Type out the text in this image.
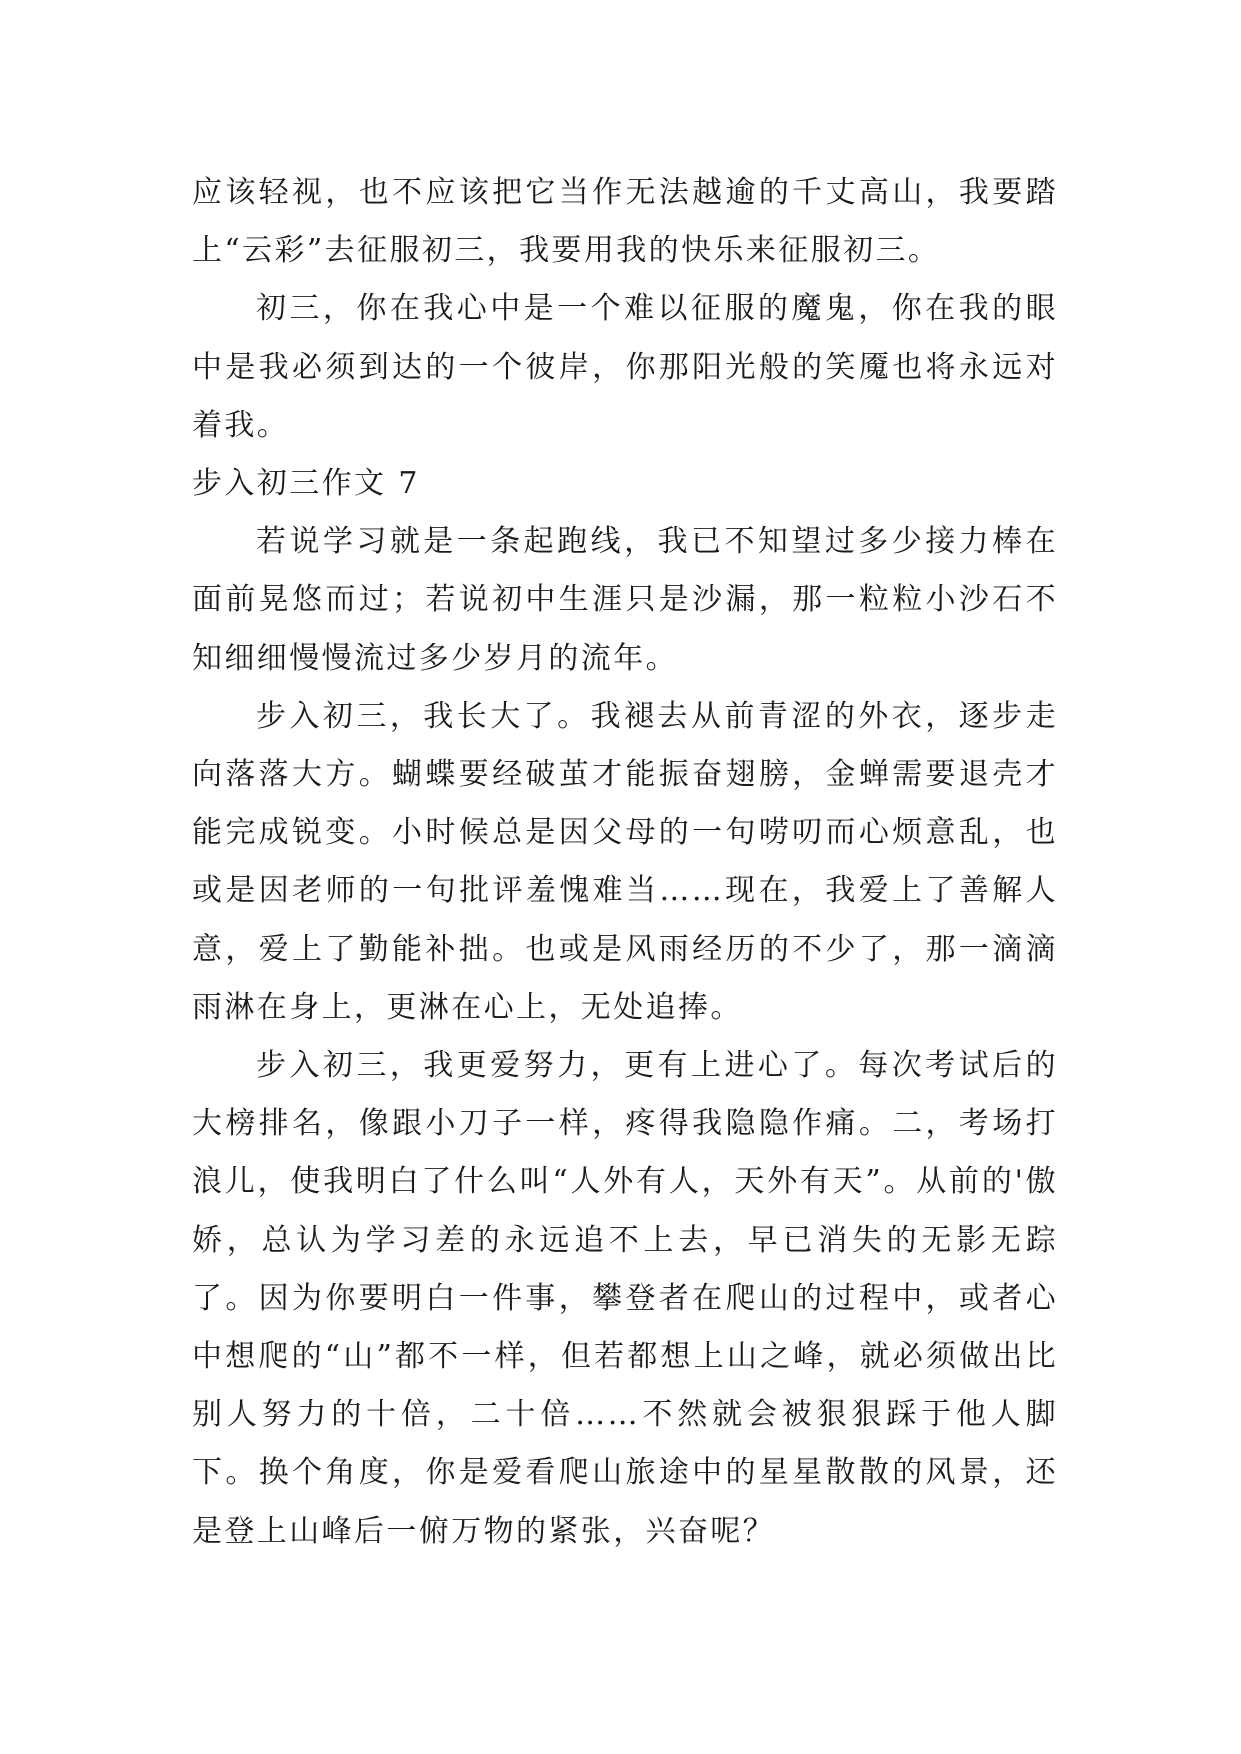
应该轻视，也不应该把它当作无法越逾的千丈高山，我要踏上“云彩”去征服初三，我要用我的快乐来征服初三。

初三，你在我心中是一个难以征服的魔鬼，你在我的眼中是我必须到达的一个彼岸，你那阳光般的笑魇也将永远对着我。

步入初三作文 7

若说学习就是一条起跑线，我已不知望过多少接力棒在面前晃悠而过；若说初中生涯只是沙漏，那一粒粒小沙石不知细细慢慢流过多少岁月的流年。

步入初三，我长大了。我褪去从前青涩的外衣，逐步走向落落大方。蝴蝶要经破茧才能振奋翅膀，金蝉需要退壳才能完成锐变。小时候总是因父母的一句唠叨而心烦意乱，也或是因老师的一句批评羞愧难当……现在，我爱上了善解人意，爱上了勤能补拙。也或是风雨经历的不少了，那一滴滴雨淋在身上，更淋在心上，无处追捧。

步入初三，我更爱努力，更有上进心了。每次考试后的大榜排名，像跟小刀子一样，疼得我隐隐作痛。二，考场打浪儿，使我明白了什么叫“人外有人，天外有天”。从前的'傲娇，总认为学习差的永远追不上去，早已消失的无影无踪了。因为你要明白一件事，攀登者在爬山的过程中，或者心中想爬的“山”都不一样，但若都想上山之峰，就必须做出比别人努力的十倍，二十倍……不然就会被狠狠踩于他人脚下。换个角度，你是爱看爬山旅途中的星星散散的风景，还是登上山峰后一俯万物的紧张，兴奋呢？
